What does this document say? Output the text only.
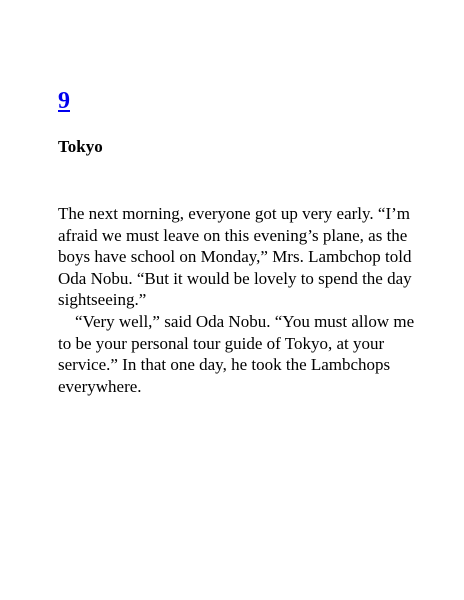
9
Tokyo

The next morning, everyone got up very early. “I’m afraid we must leave on this evening’s plane, as the boys have school on Monday,” Mrs. Lambchop told Oda Nobu. “But it would be lovely to spend the day sightseeing.”

“Very well,” said Oda Nobu. “You must allow me to be your personal tour guide of Tokyo, at your service.” In that one day, he took the Lambchops everywhere.
